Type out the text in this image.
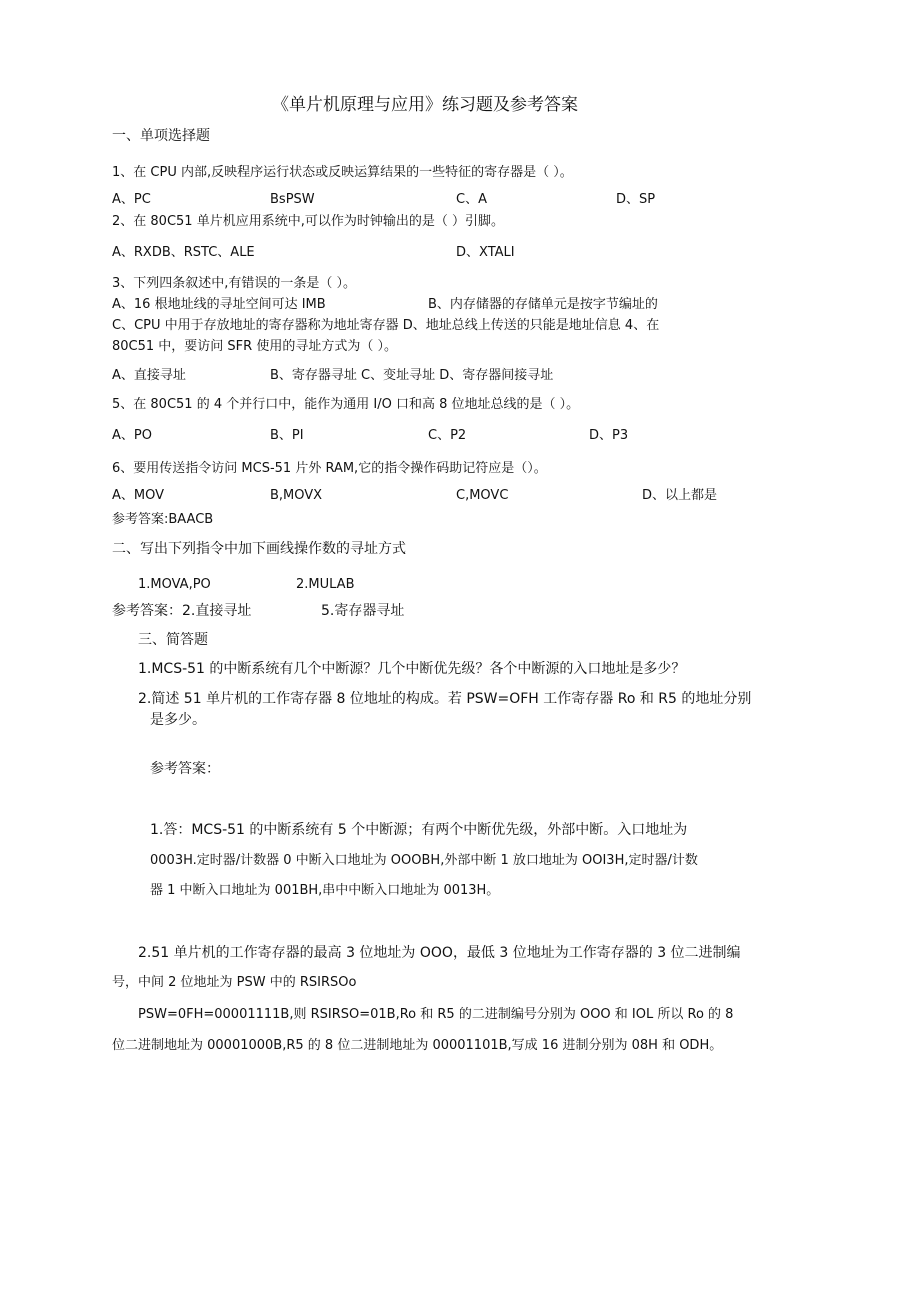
《单片机原理与应用》练习题及参考答案
一、单项选择题
1、在 CPU 内部,反映程序运行状态或反映运算结果的一些特征的寄存器是（ ）。
A、PC	BsPSW	C、A	D、SP
2、在 80C51 单片机应用系统中,可以作为时钟输出的是（ ）引脚。
A、RXDB、RSTC、ALE	D、XTALI
3、下列四条叙述中,有错误的一条是（ ）。
A、16 根地址线的寻址空间可达 IMB	B、内存储器的存储单元是按字节编址的
C、CPU 中用于存放地址的寄存器称为地址寄存器 D、地址总线上传送的只能是地址信息 4、在
80C51 中，要访问 SFR 使用的寻址方式为（ ）。
A、直接寻址	B、寄存器寻址 C、变址寻址 D、寄存器间接寻址
5、在 80C51 的 4 个并行口中，能作为通用 I/O 口和高 8 位地址总线的是（ ）。
A、PO	B、PI	C、P2	D、P3
6、要用传送指令访问 MCS-51 片外 RAM,它的指令操作码助记符应是（）。
A、MOV	B,MOVX	C,MOVC	D、以上都是
参考答案:BAACB
二、写出下列指令中加下画线操作数的寻址方式
1.MOVA,PO	2.MULAB
参考答案：2.直接寻址	5.寄存器寻址
三、简答题
1.MCS-51 的中断系统有几个中断源？几个中断优先级？各个中断源的入口地址是多少？
2.简述 51 单片机的工作寄存器 8 位地址的构成。若 PSW=OFH 工作寄存器 Ro 和 R5 的地址分别
是多少。
参考答案：
1.答：MCS-51 的中断系统有 5 个中断源；有两个中断优先级，外部中断。入口地址为
0003H.定时器/计数器 0 中断入口地址为 OOOBH,外部中断 1 放口地址为 OOI3H,定时器/计数
器 1 中断入口地址为 001BH,串中中断入口地址为 0013H。
2.51 单片机的工作寄存器的最高 3 位地址为 OOO，最低 3 位地址为工作寄存器的 3 位二进制编
号，中间 2 位地址为 PSW 中的 RSIRSOo
PSW=0FH=00001111B,则 RSIRSO=01B,Ro 和 R5 的二进制编号分别为 OOO 和 IOL 所以 Ro 的 8
位二进制地址为 00001000B,R5 的 8 位二进制地址为 00001101B,写成 16 进制分别为 08H 和 ODH。
